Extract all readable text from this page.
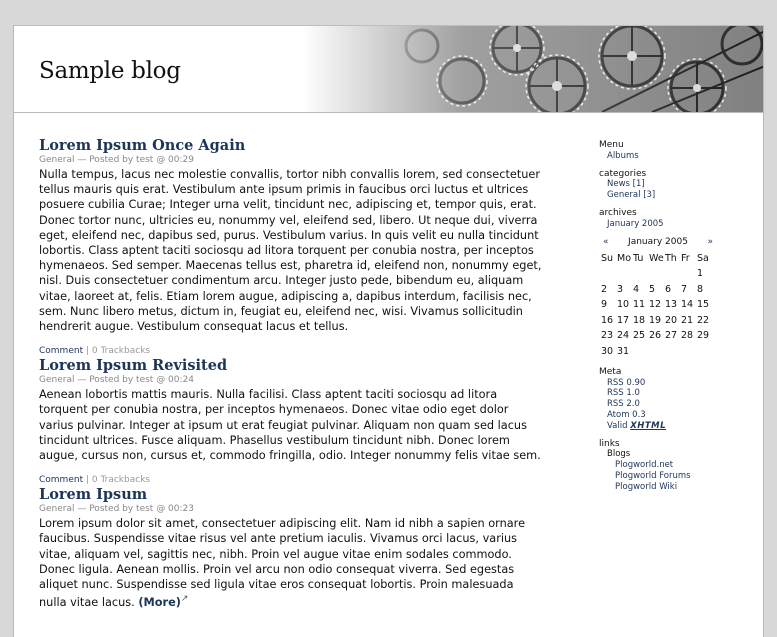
Sample blog
Lorem Ipsum Once Again
General — Posted by test @ 00:29

Nulla tempus, lacus nec molestie convallis, tortor nibh convallis lorem, sed consectetuer tellus mauris quis erat. Vestibulum ante ipsum primis in faucibus orci luctus et ultrices posuere cubilia Curae; Integer urna velit, tincidunt nec, adipiscing et, tempor quis, erat. Donec tortor nunc, ultricies eu, nonummy vel, eleifend sed, libero. Ut neque dui, viverra eget, eleifend nec, dapibus sed, purus. Vestibulum varius. In quis velit eu nulla tincidunt lobortis. Class aptent taciti sociosqu ad litora torquent per conubia nostra, per inceptos hymenaeos. Sed semper. Maecenas tellus est, pharetra id, eleifend non, nonummy eget, nisl. Duis consectetuer condimentum arcu. Integer justo pede, bibendum eu, aliquam vitae, laoreet at, felis. Etiam lorem augue, adipiscing a, dapibus interdum, facilisis nec, sem. Nunc libero metus, dictum in, feugiat eu, eleifend nec, wisi. Vivamus sollicitudin hendrerit augue. Vestibulum consequat lacus et tellus.

Comment | 0 Trackbacks
Lorem Ipsum Revisited
General — Posted by test @ 00:24

Aenean lobortis mattis mauris. Nulla facilisi. Class aptent taciti sociosqu ad litora torquent per conubia nostra, per inceptos hymenaeos. Donec vitae odio eget dolor varius pulvinar. Integer at ipsum ut erat feugiat pulvinar. Aliquam non quam sed lacus tincidunt ultrices. Fusce aliquam. Phasellus vestibulum tincidunt nibh. Donec lorem augue, cursus non, cursus et, commodo fringilla, odio. Integer nonummy felis vitae sem.

Comment | 0 Trackbacks
Lorem Ipsum
General — Posted by test @ 00:23

Lorem ipsum dolor sit amet, consectetuer adipiscing elit. Nam id nibh a sapien ornare faucibus. Suspendisse vitae risus vel ante pretium iaculis. Vivamus orci lacus, varius vitae, aliquam vel, sagittis nec, nibh. Proin vel augue vitae enim sodales commodo. Donec ligula. Aenean mollis. Proin vel arcu non odio consequat viverra. Sed egestas aliquet nunc. Suspendisse sed ligula vitae eros consequat lobortis. Proin malesuada nulla vitae lacus. (More)↗

Menu
Albums
categories
News [1]
General [3]
archives
January 2005
« January 2005 »
Su	Mo	Tu	We	Th	Fr	Sa
						1
2	3	4	5	6	7	8
9	10	11	12	13	14	15
16	17	18	19	20	21	22
23	24	25	26	27	28	29
30	31					
Meta
RSS 0.90
RSS 1.0
RSS 2.0
Atom 0.3
Valid XHTML
links
Blogs
Plogworld.net
Plogworld Forums
Plogworld Wiki
